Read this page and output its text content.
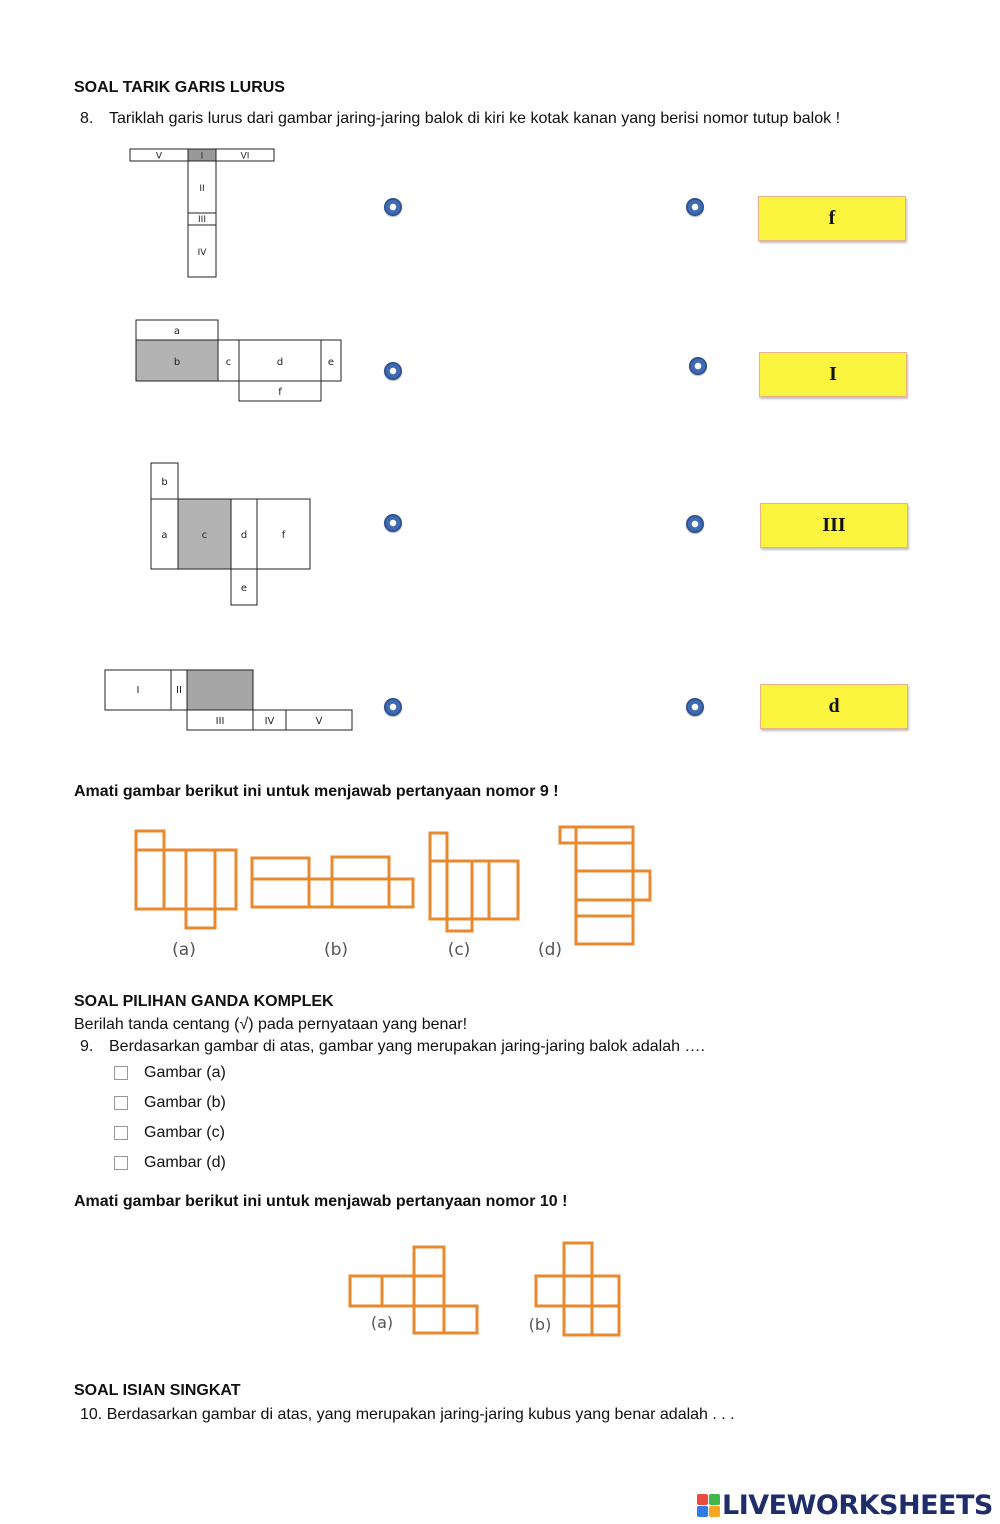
SOAL TARIK GARIS LURUS
8. Tariklah garis lurus dari gambar jaring-jaring balok di kiri ke kotak kanan yang berisi nomor tutup balok !
V	I	VI
II
III
IV
a
b	c	d	e
f
b
a	c	d	f
e
I	II
III	IV	V
f
I
III
d
Amati gambar berikut ini untuk menjawab pertanyaan nomor 9 !
(a)	(b)	(c)	(d)
SOAL PILIHAN GANDA KOMPLEK
Berilah tanda centang (√) pada pernyataan yang benar!
9. Berdasarkan gambar di atas, gambar yang merupakan jaring-jaring balok adalah ….
Gambar (a)
Gambar (b)
Gambar (c)
Gambar (d)
Amati gambar berikut ini untuk menjawab pertanyaan nomor 10 !
(a)	(b)
SOAL ISIAN SINGKAT
10. Berdasarkan gambar di atas, yang merupakan jaring-jaring kubus yang benar adalah . . .
LIVEWORKSHEETS
